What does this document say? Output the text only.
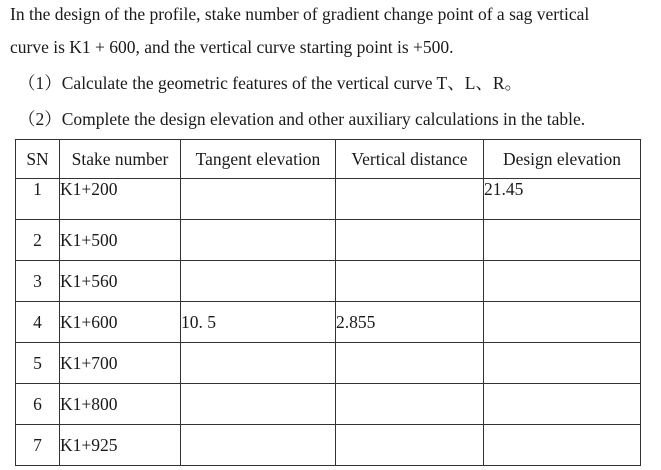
In the design of the profile, stake number of gradient change point of a sag vertical
curve is K1 + 600, and the vertical curve starting point is +500.
（1）Calculate the geometric features of the vertical curve T、L、R。
（2）Complete the design elevation and other auxiliary calculations in the table.
SN	Stake number	Tangent elevation	Vertical distance	Design elevation
1	K1+200			21.45
2	K1+500			
3	K1+560			
4	K1+600	10. 5	2.855	
5	K1+700			
6	K1+800			
7	K1+925			
